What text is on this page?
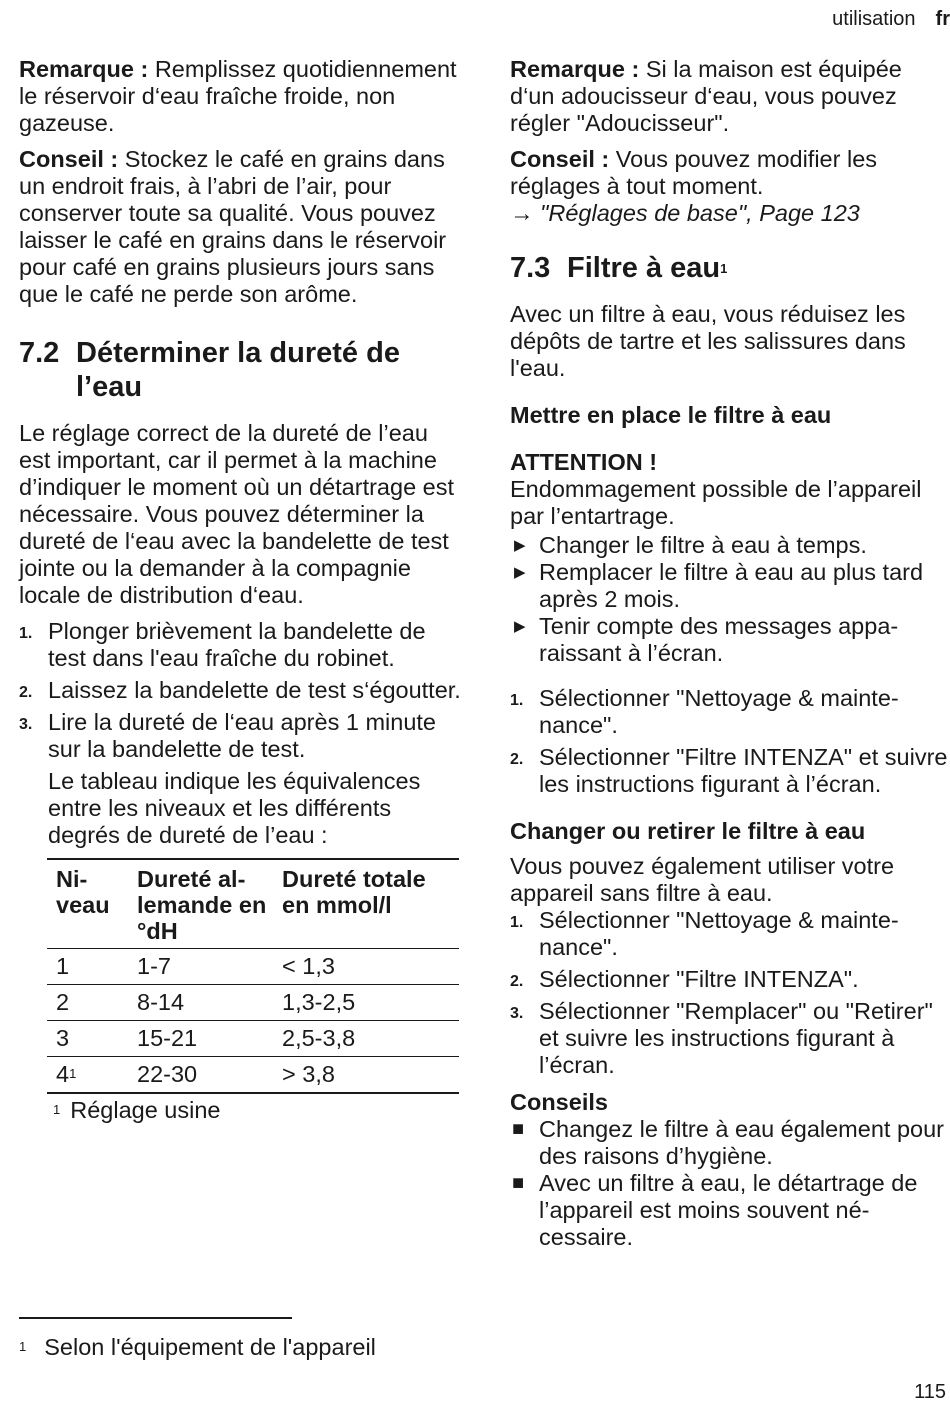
utilisation fr

Remarque : Remplissez quotidiennement le réservoir d‘eau fraîche froide, non gazeuse.

Conseil : Stockez le café en grains dans un endroit frais, à l’abri de l’air, pour conserver toute sa qualité. Vous pouvez laisser le café en grains dans le réservoir pour café en grains plusieurs jours sans que le café ne perde son arôme.

7.2 Déterminer la dureté de l’eau

Le réglage correct de la dureté de l’eau est important, car il permet à la machine d’indiquer le moment où un détartrage est nécessaire. Vous pouvez déterminer la dureté de l‘eau avec la bandelette de test jointe ou la demander à la compagnie locale de distribution d‘eau.

1. Plonger brièvement la bandelette de test dans l'eau fraîche du robinet.
2. Laissez la bandelette de test s‘égoutter.
3. Lire la dureté de l‘eau après 1 minute sur la bandelette de test.

Le tableau indique les équivalences entre les niveaux et les différents degrés de dureté de l’eau :

Niveau	Dureté allemande en °dH	Dureté totale en mmol/l
1	1-7	< 1,3
2	8-14	1,3-2,5
3	15-21	2,5-3,8
$4^1$	22-30	> 3,8
$^1$ Réglage usine

Remarque : Si la maison est équipée d‘un adoucisseur d‘eau, vous pouvez régler "Adoucisseur".

Conseil : Vous pouvez modifier les réglages à tout moment.
→ "Réglages de base", Page 123

7.3 Filtre à eau$^1$

Avec un filtre à eau, vous réduisez les dépôts de tartre et les salissures dans l'eau.

Mettre en place le filtre à eau
ATTENTION !
Endommagement possible de l’appareil par l’entartrage.
▶ Changer le filtre à eau à temps.
▶ Remplacer le filtre à eau au plus tard après 2 mois.
▶ Tenir compte des messages apparaissant à l’écran.
1. Sélectionner "Nettoyage & maintenance".
2. Sélectionner "Filtre INTENZA" et suivre les instructions figurant à l’écran.
Changer ou retirer le filtre à eau

Vous pouvez également utiliser votre appareil sans filtre à eau.

1. Sélectionner "Nettoyage & maintenance".
2. Sélectionner "Filtre INTENZA".
3. Sélectionner "Remplacer" ou "Retirer" et suivre les instructions figurant à l’écran.
Conseils
■ Changez le filtre à eau également pour des raisons d’hygiène.
■ Avec un filtre à eau, le détartrage de l’appareil est moins souvent nécessaire.
$^1$ Selon l'équipement de l'appareil
115
